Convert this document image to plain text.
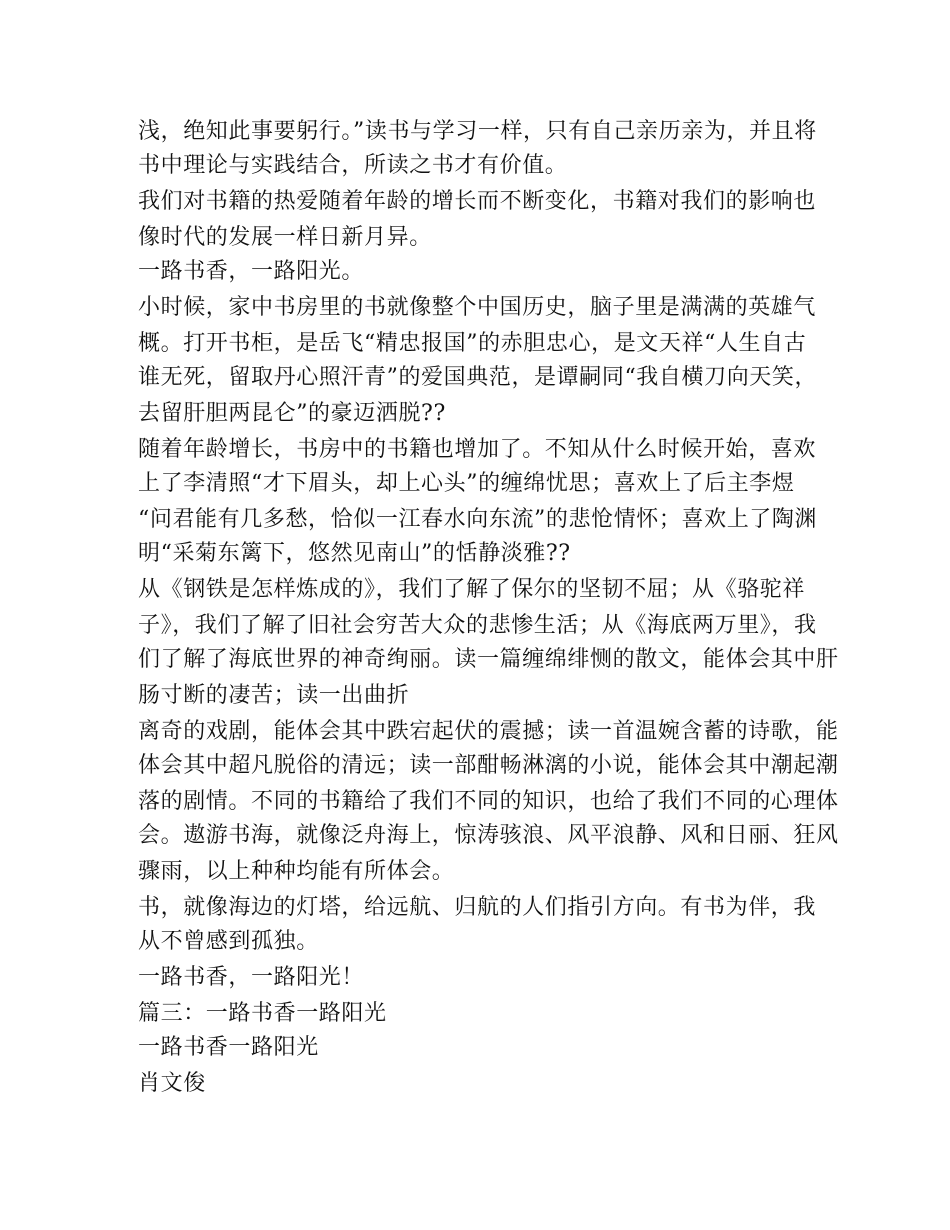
浅，绝知此事要躬行。”读书与学习一样，只有自己亲历亲为，并且将
书中理论与实践结合，所读之书才有价值。
我们对书籍的热爱随着年龄的增长而不断变化，书籍对我们的影响也
像时代的发展一样日新月异。
一路书香，一路阳光。
小时候，家中书房里的书就像整个中国历史，脑子里是满满的英雄气
概。打开书柜，是岳飞“精忠报国”的赤胆忠心，是文天祥“人生自古
谁无死，留取丹心照汗青”的爱国典范，是谭嗣同“我自横刀向天笑，
去留肝胆两昆仑”的豪迈洒脱??
随着年龄增长，书房中的书籍也增加了。不知从什么时候开始，喜欢
上了李清照“才下眉头，却上心头”的缠绵忧思；喜欢上了后主李煜
“问君能有几多愁，恰似一江春水向东流”的悲怆情怀；喜欢上了陶渊
明“采菊东篱下，悠然见南山”的恬静淡雅??
从《钢铁是怎样炼成的》，我们了解了保尔的坚韧不屈；从《骆驼祥
子》，我们了解了旧社会穷苦大众的悲惨生活；从《海底两万里》，我
们了解了海底世界的神奇绚丽。读一篇缠绵绯恻的散文，能体会其中肝
肠寸断的凄苦；读一出曲折
离奇的戏剧，能体会其中跌宕起伏的震撼；读一首温婉含蓄的诗歌，能
体会其中超凡脱俗的清远；读一部酣畅淋漓的小说，能体会其中潮起潮
落的剧情。不同的书籍给了我们不同的知识，也给了我们不同的心理体
会。遨游书海，就像泛舟海上，惊涛骇浪、风平浪静、风和日丽、狂风
骤雨，以上种种均能有所体会。
书，就像海边的灯塔，给远航、归航的人们指引方向。有书为伴，我
从不曾感到孤独。
一路书香，一路阳光！
篇三：一路书香一路阳光
一路书香一路阳光
肖文俊
